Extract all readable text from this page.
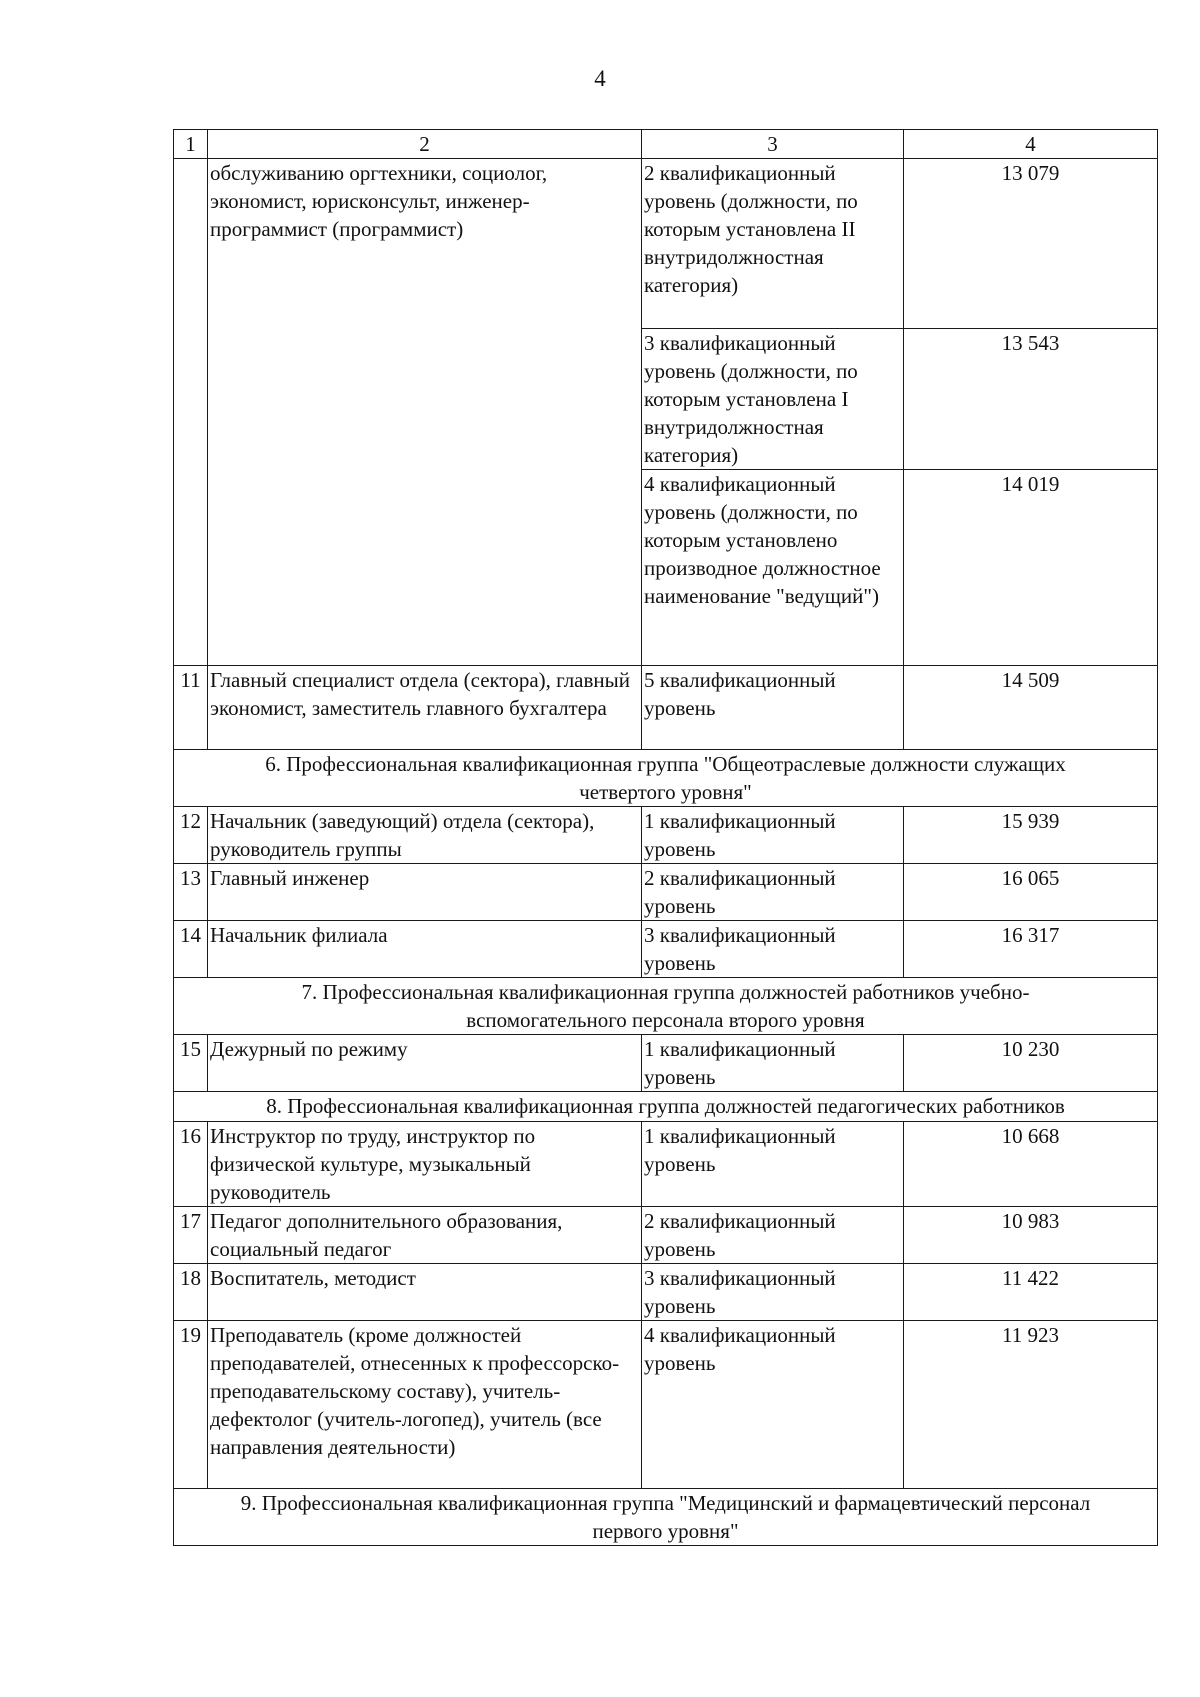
4
1	2	3	4
	обслуживанию оргтехники, социолог, экономист, юрисконсульт, инженер-программист (программист)	2 квалификационный уровень (должности, по которым установлена II внутридолжностная категория)	13 079
		3 квалификационный уровень (должности, по которым установлена I внутридолжностная категория)	13 543
		4 квалификационный уровень (должности, по которым установлено производное должностное наименование "ведущий")	14 019
11	Главный специалист отдела (сектора), главный экономист, заместитель главного бухгалтера	5 квалификационный уровень	14 509
6. Профессиональная квалификационная группа "Общеотраслевые должности служащих
четвертого уровня"			
12	Начальник (заведующий) отдела (сектора), руководитель группы	1 квалификационный уровень	15 939
13	Главный инженер	2 квалификационный уровень	16 065
14	Начальник филиала	3 квалификационный уровень	16 317
7. Профессиональная квалификационная группа должностей работников учебно-
вспомогательного персонала второго уровня			
15	Дежурный по режиму	1 квалификационный уровень	10 230
8. Профессиональная квалификационная группа должностей педагогических работников			
16	Инструктор по труду, инструктор по физической культуре, музыкальный руководитель	1 квалификационный уровень	10 668
17	Педагог дополнительного образования, социальный педагог	2 квалификационный уровень	10 983
18	Воспитатель, методист	3 квалификационный уровень	11 422
19	Преподаватель (кроме должностей преподавателей, отнесенных к профессорско-преподавательскому составу), учитель-дефектолог (учитель-логопед), учитель (все направления деятельности)	4 квалификационный уровень	11 923
9. Профессиональная квалификационная группа "Медицинский и фармацевтический персонал
первого уровня"			
